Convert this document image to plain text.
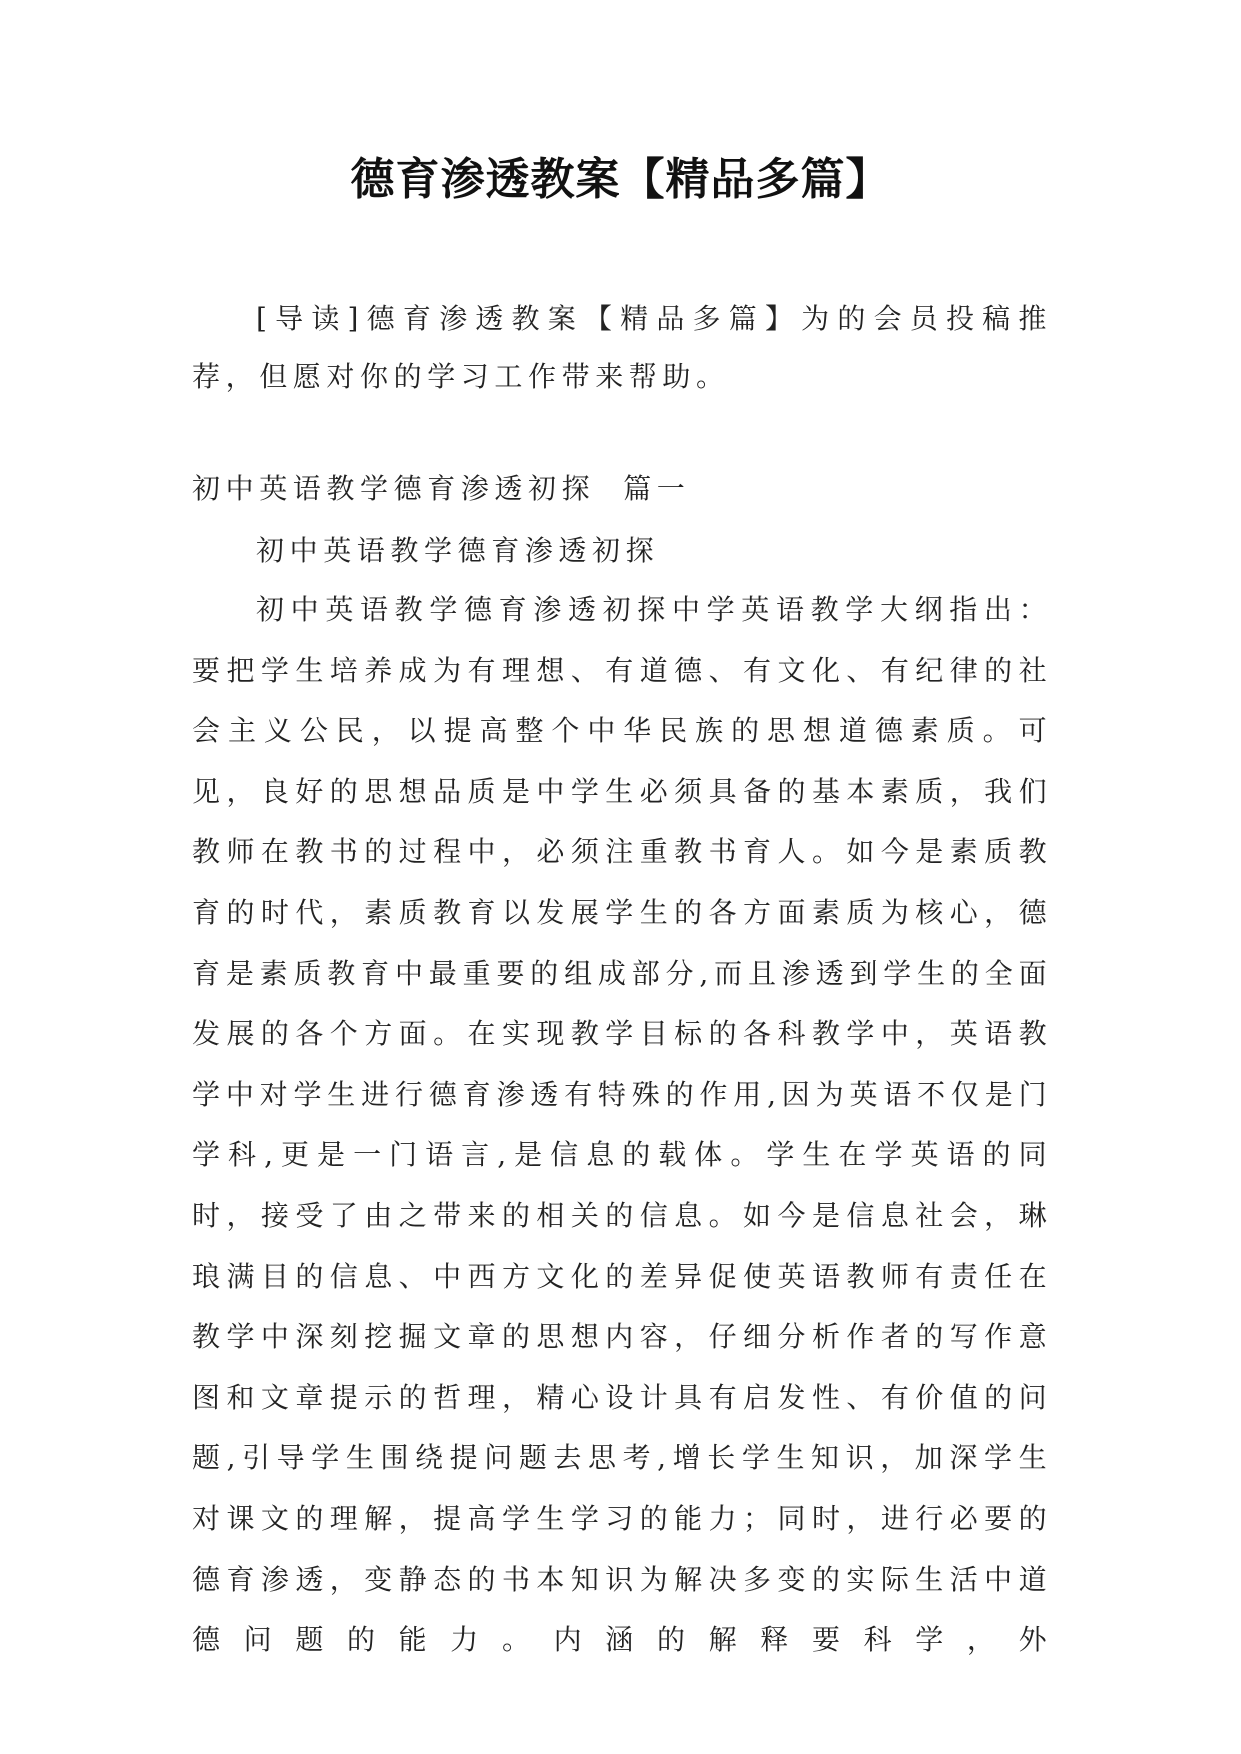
德育渗透教案【精品多篇】

[导读]德育渗透教案【精品多篇】为的会员投稿推荐，但愿对你的学习工作带来帮助。

初中英语教学德育渗透初探 篇一

初中英语教学德育渗透初探

初中英语教学德育渗透初探中学英语教学大纲指出：要把学生培养成为有理想、有道德、有文化、有纪律的社会主义公民，以提高整个中华民族的思想道德素质。可见，良好的思想品质是中学生必须具备的基本素质，我们教师在教书的过程中，必须注重教书育人。如今是素质教育的时代，素质教育以发展学生的各方面素质为核心，德育是素质教育中最重要的组成部分,而且渗透到学生的全面发展的各个方面。在实现教学目标的各科教学中，英语教学中对学生进行德育渗透有特殊的作用,因为英语不仅是门学科,更是一门语言,是信息的载体。学生在学英语的同时，接受了由之带来的相关的信息。如今是信息社会，琳琅满目的信息、中西方文化的差异促使英语教师有责任在教学中深刻挖掘文章的思想内容，仔细分析作者的写作意图和文章提示的哲理，精心设计具有启发性、有价值的问题,引导学生围绕提问题去思考,增长学生知识，加深学生对课文的理解，提高学生学习的能力；同时，进行必要的德育渗透，变静态的书本知识为解决多变的实际生活中道德问题的能力。内涵的解释要科学，外
